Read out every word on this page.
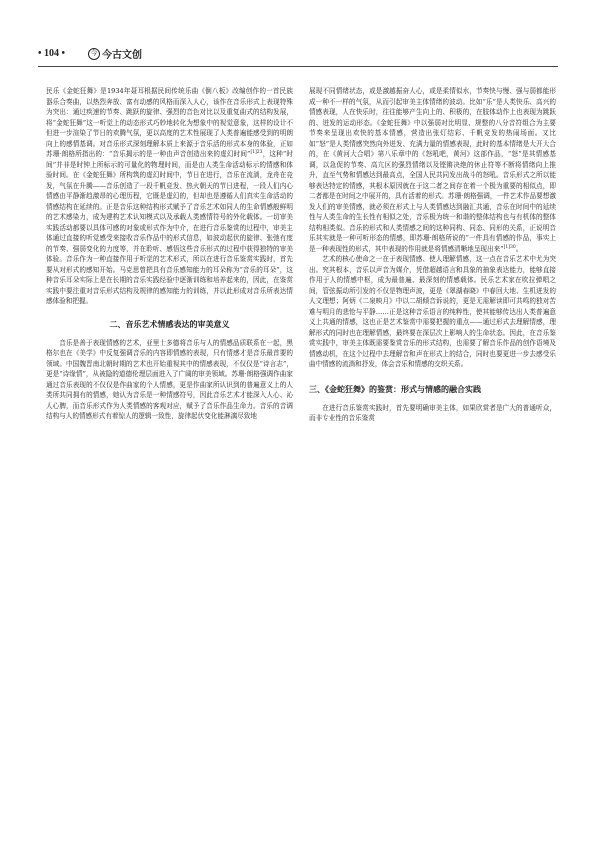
• 104 •	今 今古文创

民乐《金蛇狂舞》是1934年聂耳根据民间传统乐曲《倒八板》改编创作的一首民族器乐合奏曲，以热烈奔放、富有动感的风格而深入人心，该作在音乐形式上表现特殊为突出：通过疾速的节奏、跳跃的旋律、强烈的音色对比以及重复曲式的结构发展，将“金蛇狂舞”这一听觉上的动态形式巧妙地转化为想象中的视觉意象，这样的设计不但进一步渲染了节日的欢腾气氛，更以高度的艺术性展现了人类普遍能感受到的明朗向上的感情基调。对音乐形式深刻理解本质上来源于音乐活的形式本身的体验，正如苏珊·朗格所指出的：“音乐揭示的是一种由声音创造出来的虚幻时间”$^{[1]23}$，这种“时间”并非是时钟上所标示的可量化的物理时间，而是由人类生命活动标示的情感和体验时间。在《金蛇狂舞》所构筑的虚幻时间中，节日在进行，音乐在流淌，龙舟在竞发，气氛在升腾——音乐创造了一段千帆竞发、热火朝天的节日进程，一段人们内心情感由平静渐趋激昂的心理历程，它既是虚幻的，但却也是遵循人们真实生命活动的情感结构在延续的。正是音乐这种结构形式赋予了音乐艺术如同人的生命情感般鲜明的艺术感染力，成为建构艺术认知模式以及承载人类感情符号的外化载体。一切审美实践活动都要以具体可感的对象或形式作为中介，在进行音乐鉴赏的过程中，审美主体通过直接的听觉感受来接收音乐作品中的形式信息，如波动起伏的旋律、张弛有度的节奏、强弱变化的力度等，并在聆听、感悟这些音乐形式的过程中获得独特的审美体验。音乐作为一种直接作用于听觉的艺术形式，所以在进行音乐鉴赏实践时，首先要从对形式的感知开始。马克思曾把具有音乐感知能力的耳朵称为“音乐的耳朵”，这种音乐耳朵实际上是在长期的音乐实践经验中逐渐训练和培养起来的，因此，在鉴赏实践中要注重对音乐形式结构及规律的感知能力的训练，并以此形成对音乐所表达情感体验和把握。

二、音乐艺术情感表达的审美意义

音乐是善于表现情感的艺术，亚里士多德将音乐与人的情感品质联系在一起，黑格尔也在《美学》中反复强调音乐的内容即情感的表现，只有情感才是音乐最首要的领域。中国魏晋南北朝时期的艺术也开始重视其中的情感表现，不仅仅是“诗言志”，更是“诗缘情”，从被隐的道德伦理层面进入了广阔的审美领域。苏珊·朗格强调作曲家通过音乐表现的不仅仅是作曲家的个人情感，更是作曲家所认识到的普遍意义上的人类所共同拥有的情感，她认为音乐是一种情感符号，因此音乐艺术才能深入人心、沁人心脾，而音乐形式作为人类情感的客观对应，赋予了音乐作品生命力。音乐的音调结构与人的情感形式有着惊人的逻辑一致性，旋律起伏变化能淋漓尽致地

展现不同情绪状态，或是激越振奋人心，或是柔情似水，节奏快与慢、强与弱都能形成一种不一样的气氛，从而引起审美主体情绪的波动。比如“乐”是人类快乐、高兴的情感表现，人在快乐时，往往能够产生向上的、积极的，在肢体动作上也表现为跳跃的、迸发的运动形态。《金蛇狂舞》中以强弱对比明显、规整的八分音符组合为主要节奏来呈现出欢快的基本情感，营造出张灯结彩、千帆竞发的热闹场面。又比如“怒”是人类情感突然向外迸发、充满力量的情感表现，此时的基本情绪是大开大合的，在《黄河大合唱》第八乐章中的《怒吼吧，黄河》这部作品，“怒”是其情感基调，以急促的节奏、高亢区的强烈情绪以及铿锵决绝的休止符等不断将情绪向上推升，直至气势和情感达到最高点，全国人民共同发出战斗的怒吼。音乐形式之所以能够表达特定的情感，其根本原因就在于这二者之间存在着一个极为重要的相似点，即二者都是在时间之中展开的，具有活着的形式。苏珊·朗格强调，一件艺术作品要想激发人们的审美情感，就必须在形式上与人类情感达到融汇共通，音乐在时间中的延续性与人类生命的生长性有相似之处，音乐极为统一和谐的整体结构也与有机体的整体结构相类似。音乐的形式和人类情感之间的这种同构、同态、同形的关系，正说明音乐其实就是一种可听形态的情感，即苏珊·朗格所说的“一件具有情感的作品，事实上是一种表现性的形式，其中表现的作用就是将情感清晰地呈现出来”$^{[1]30}$。

艺术的核心使命之一在于表现情感、使人理解情感，这一点在音乐艺术中尤为突出。究其根本，音乐以声音为媒介，凭借超越语言和具象的抽象表达能力，能够直接作用于人的情感中枢，成为最普遍、最深刻的情感载体。民乐艺术家在吹拉弹唱之间，管弦振动所引发的不仅是物理声波，更是《翠湖春晓》中春回大地、生机迸发的人文理想；阿炳《二泉映月》中以二胡倾音诉说的，更是无需解读即可共鸣的独对苦难与明月的悲怆与平静……正是这种音乐语言的纯粹性，使其能够传达出人类普遍意义上共通的情感，这也正是艺术鉴赏中需要把握的重点——通过形式去理解情感，理解形式的同时也在理解情感，最终要在深层次上影响人的生命状态。因此，在音乐鉴赏实践中，审美主体既需要鉴赏音乐的形式结构，也需要了解音乐作品的创作语境及情感动机，在这个过程中去理解音和声在形式上的结合，同时也要更进一步去感受乐曲中情感的流淌和抒发，体会音乐和情感的交织关系。

三、《金蛇狂舞》的鉴赏：形式与情感的融合实践

在进行音乐鉴赏实践时，首先要明确审美主体，如果欣赏者是广大的普通听众，而非专业性的音乐鉴赏
